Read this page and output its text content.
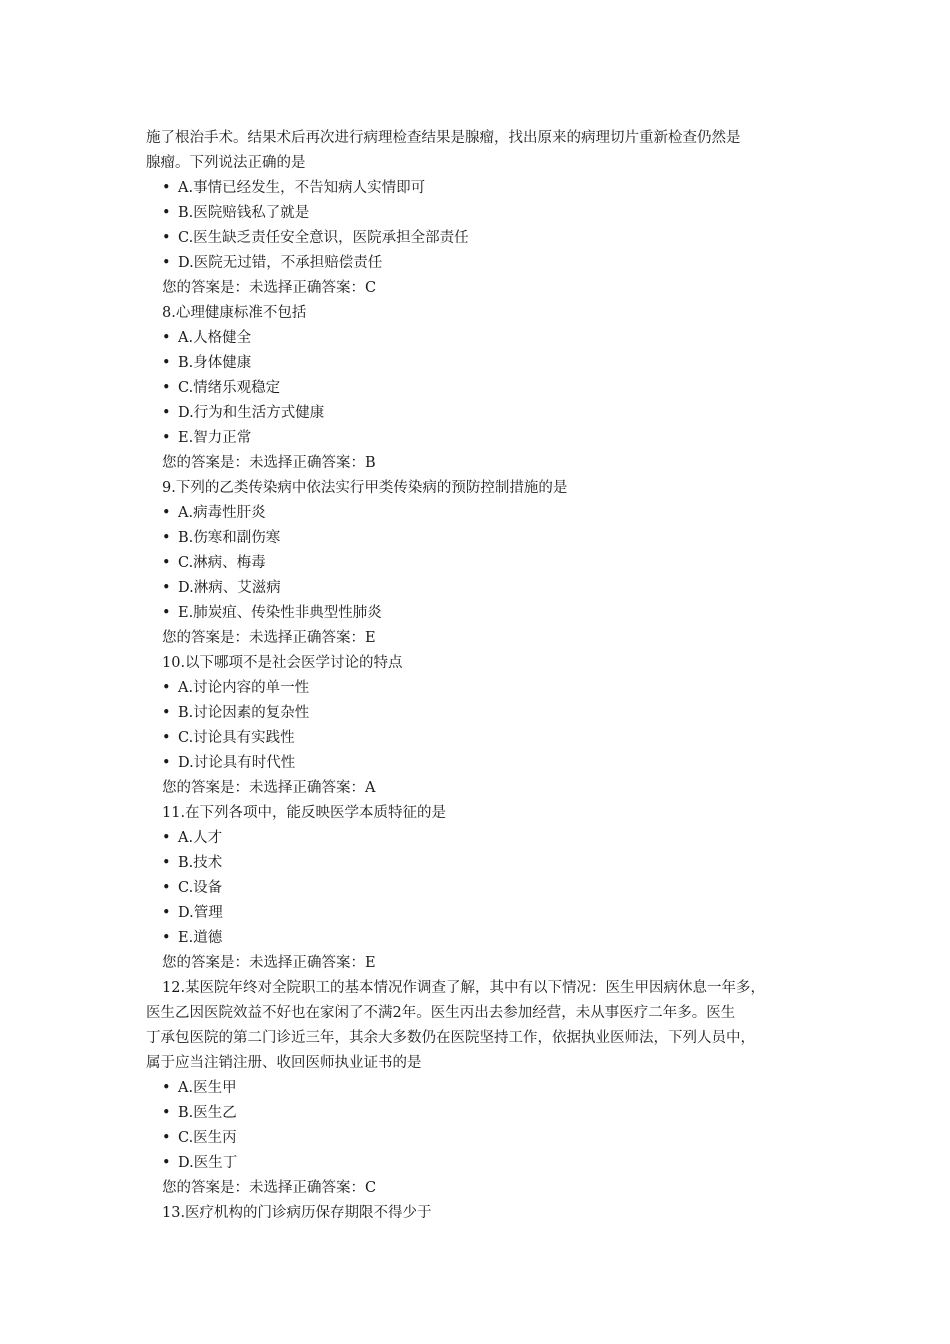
施了根治手术。结果术后再次进行病理检查结果是腺瘤，找出原来的病理切片重新检查仍然是
腺瘤。下列说法正确的是
• A.事情已经发生，不告知病人实情即可
• B.医院赔钱私了就是
• C.医生缺乏责任安全意识，医院承担全部责任
• D.医院无过错，不承担赔偿责任
您的答案是：未选择正确答案：C
8.心理健康标准不包括
• A.人格健全
• B.身体健康
• C.情绪乐观稳定
• D.行为和生活方式健康
• E.智力正常
您的答案是：未选择正确答案：B
9.下列的乙类传染病中依法实行甲类传染病的预防控制措施的是
• A.病毒性肝炎
• B.伤寒和副伤寒
• C.淋病、梅毒
• D.淋病、艾滋病
• E.肺炭疽、传染性非典型性肺炎
您的答案是：未选择正确答案：E
10.以下哪项不是社会医学讨论的特点
• A.讨论内容的单一性
• B.讨论因素的复杂性
• C.讨论具有实践性
• D.讨论具有时代性
您的答案是：未选择正确答案：A
11.在下列各项中，能反映医学本质特征的是
• A.人才
• B.技术
• C.设备
• D.管理
• E.道德
您的答案是：未选择正确答案：E
12.某医院年终对全院职工的基本情况作调查了解，其中有以下情况：医生甲因病休息一年多，
医生乙因医院效益不好也在家闲了不满2年。医生丙出去参加经营，未从事医疗二年多。医生
丁承包医院的第二门诊近三年，其余大多数仍在医院坚持工作，依据执业医师法，下列人员中，
属于应当注销注册、收回医师执业证书的是
• A.医生甲
• B.医生乙
• C.医生丙
• D.医生丁
您的答案是：未选择正确答案：C
13.医疗机构的门诊病历保存期限不得少于
